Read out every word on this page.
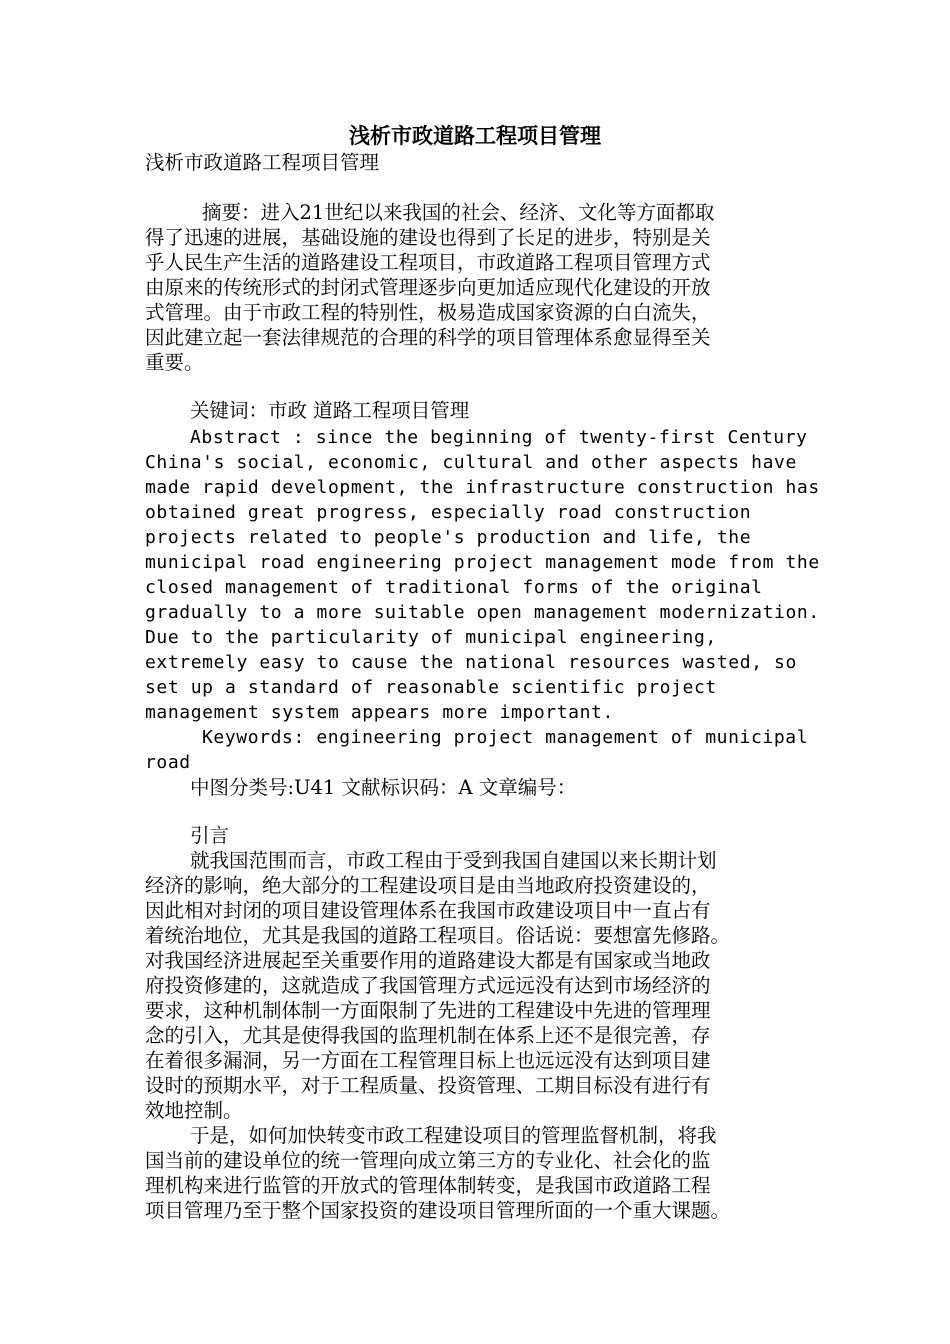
浅析市政道路工程项目管理
浅析市政道路工程项目管理
摘要：进入21世纪以来我国的社会、经济、文化等方面都取
得了迅速的进展，基础设施的建设也得到了长足的进步，特别是关
乎人民生产生活的道路建设工程项目，市政道路工程项目管理方式
由原来的传统形式的封闭式管理逐步向更加适应现代化建设的开放
式管理。由于市政工程的特别性，极易造成国家资源的白白流失，
因此建立起一套法律规范的合理的科学的项目管理体系愈显得至关
重要。
关键词：市政 道路工程项目管理
Abstract : since the beginning of twenty-first Century
China's social, economic, cultural and other aspects have
made rapid development, the infrastructure construction has
obtained great progress, especially road construction
projects related to people's production and life, the
municipal road engineering project management mode from the
closed management of traditional forms of the original
gradually to a more suitable open management modernization.
Due to the particularity of municipal engineering,
extremely easy to cause the national resources wasted, so
set up a standard of reasonable scientific project
management system appears more important.
Keywords: engineering project management of municipal
road
中图分类号:U41 文献标识码：A 文章编号：
引言
就我国范围而言，市政工程由于受到我国自建国以来长期计划
经济的影响，绝大部分的工程建设项目是由当地政府投资建设的，
因此相对封闭的项目建设管理体系在我国市政建设项目中一直占有
着统治地位，尤其是我国的道路工程项目。俗话说：要想富先修路。
对我国经济进展起至关重要作用的道路建设大都是有国家或当地政
府投资修建的，这就造成了我国管理方式远远没有达到市场经济的
要求，这种机制体制一方面限制了先进的工程建设中先进的管理理
念的引入，尤其是使得我国的监理机制在体系上还不是很完善，存
在着很多漏洞，另一方面在工程管理目标上也远远没有达到项目建
设时的预期水平，对于工程质量、投资管理、工期目标没有进行有
效地控制。
于是，如何加快转变市政工程建设项目的管理监督机制，将我
国当前的建设单位的统一管理向成立第三方的专业化、社会化的监
理机构来进行监管的开放式的管理体制转变，是我国市政道路工程
项目管理乃至于整个国家投资的建设项目管理所面的一个重大课题。
